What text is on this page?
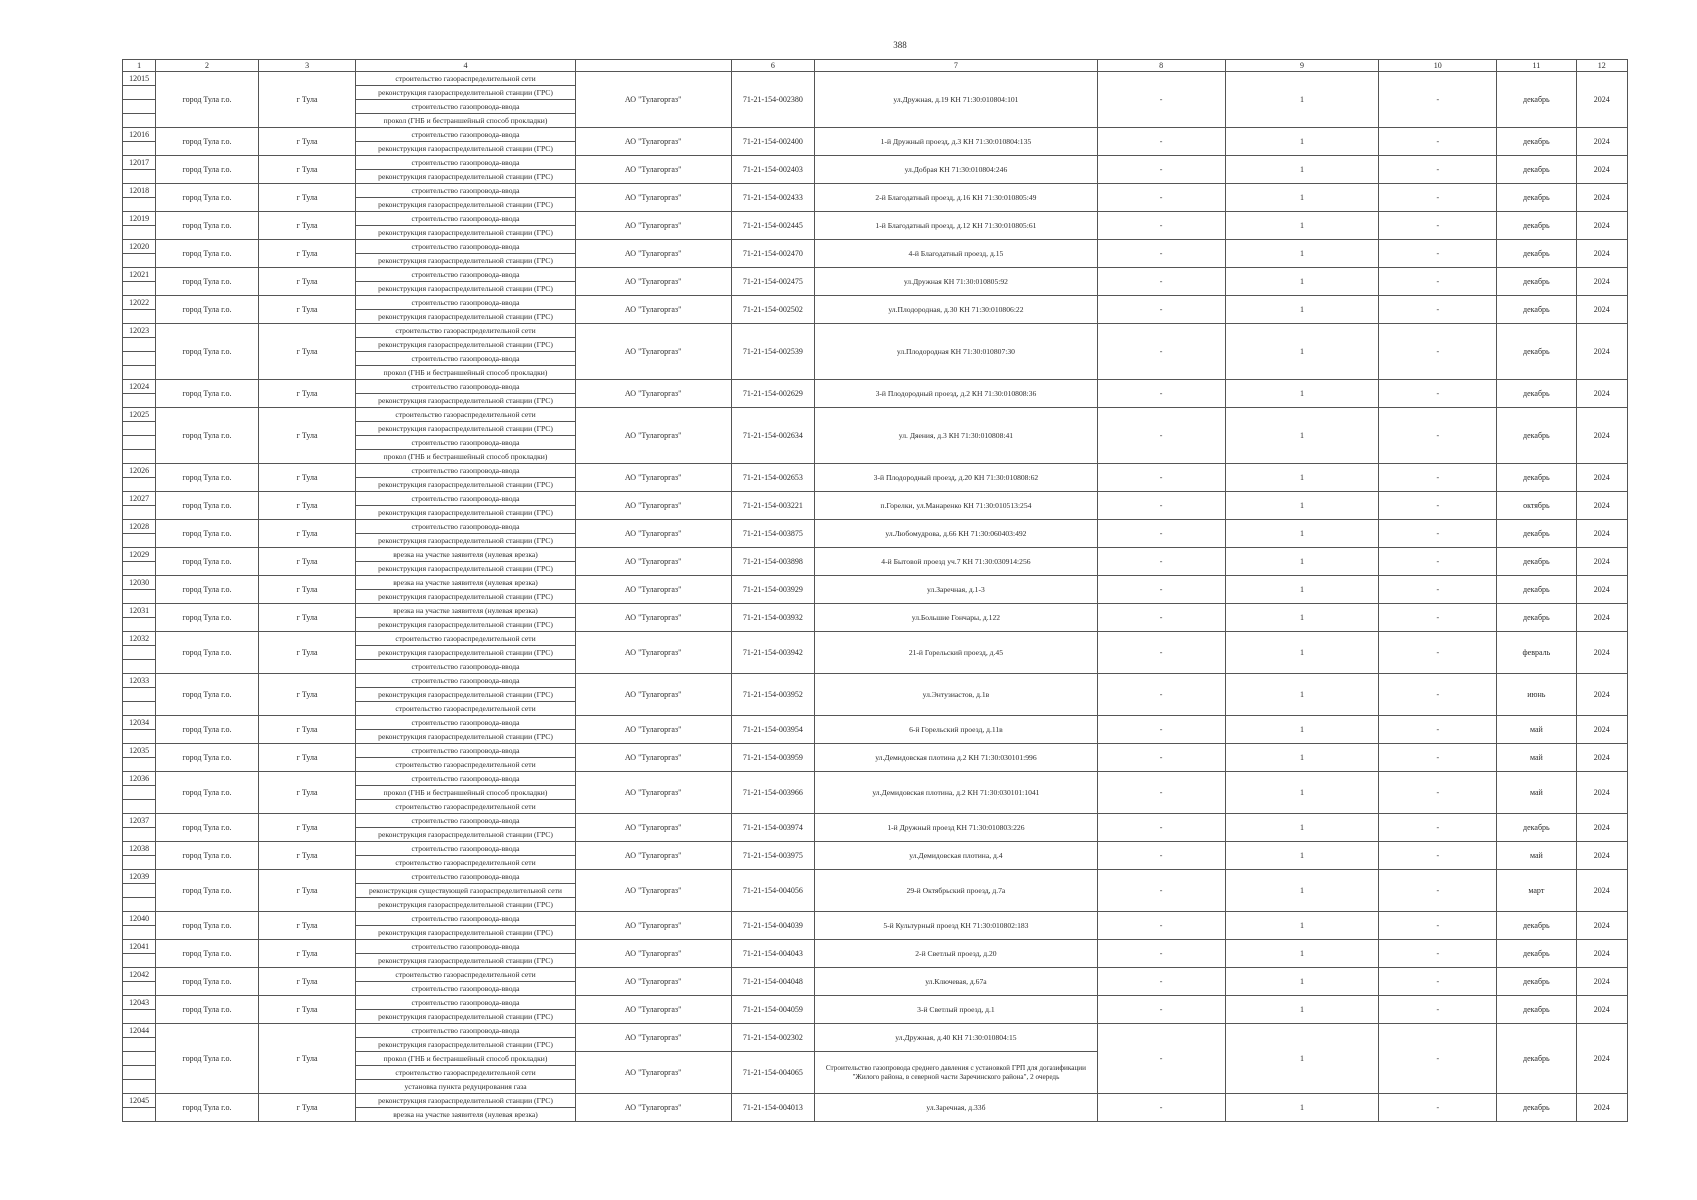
388
1	2	3	4		6	7	8	9	10	11	12

12015	город Тула г.о.	г Тула	строительство газораспределительной сети
реконструкция газораспределительной станции (ГРС)
строительство газопровода-ввода
прокол (ГНБ и бестраншейный способ прокладки)	АО "Тулагоргаз"	71-21-154-002380	ул.Дружная, д.19 КН 71:30:010804:101	-	1	-	декабрь	2024

12016	город Тула г.о.	г Тула	строительство газопровода-ввода
реконструкция газораспределительной станции (ГРС)	АО "Тулагоргаз"	71-21-154-002400	1-й Дружный проезд, д.3 КН 71:30:010804:135	-	1	-	декабрь	2024

12017	город Тула г.о.	г Тула	строительство газопровода-ввода
реконструкция газораспределительной станции (ГРС)	АО "Тулагоргаз"	71-21-154-002403	ул.Добрая КН 71:30:010804:246	-	1	-	декабрь	2024

12018	город Тула г.о.	г Тула	строительство газопровода-ввода
реконструкция газораспределительной станции (ГРС)	АО "Тулагоргаз"	71-21-154-002433	2-й Благодатный проезд, д.16 КН 71:30:010805:49	-	1	-	декабрь	2024

12019	город Тула г.о.	г Тула	строительство газопровода-ввода
реконструкция газораспределительной станции (ГРС)	АО "Тулагоргаз"	71-21-154-002445	1-й Благодатный проезд, д.12 КН 71:30:010805:61	-	1	-	декабрь	2024

12020	город Тула г.о.	г Тула	строительство газопровода-ввода
реконструкция газораспределительной станции (ГРС)	АО "Тулагоргаз"	71-21-154-002470	4-й Благодатный проезд, д.15	-	1	-	декабрь	2024

12021	город Тула г.о.	г Тула	строительство газопровода-ввода
реконструкция газораспределительной станции (ГРС)	АО "Тулагоргаз"	71-21-154-002475	ул.Дружная КН 71:30:010805:92	-	1	-	декабрь	2024

12022	город Тула г.о.	г Тула	строительство газопровода-ввода
реконструкция газораспределительной станции (ГРС)	АО "Тулагоргаз"	71-21-154-002502	ул.Плодородная, д.30 КН 71:30:010806:22	-	1	-	декабрь	2024

12023	город Тула г.о.	г Тула	строительство газораспределительной сети
реконструкция газораспределительной станции (ГРС)
строительство газопровода-ввода
прокол (ГНБ и бестраншейный способ прокладки)	АО "Тулагоргаз"	71-21-154-002539	ул.Плодородная КН 71:30:010807:30	-	1	-	декабрь	2024

12024	город Тула г.о.	г Тула	строительство газопровода-ввода
реконструкция газораспределительной станции (ГРС)	АО "Тулагоргаз"	71-21-154-002629	3-й Плодородный проезд, д.2 КН 71:30:010808:36	-	1	-	декабрь	2024

12025	город Тула г.о.	г Тула	строительство газораспределительной сети
реконструкция газораспределительной станции (ГРС)
строительство газопровода-ввода
прокол (ГНБ и бестраншейный способ прокладки)	АО "Тулагоргаз"	71-21-154-002634	ул. Дяения, д.3 КН 71:30:010808:41	-	1	-	декабрь	2024

12026	город Тула г.о.	г Тула	строительство газопровода-ввода
реконструкция газораспределительной станции (ГРС)	АО "Тулагоргаз"	71-21-154-002653	3-й Плодородный проезд, д.20 КН 71:30:010808:62	-	1	-	декабрь	2024

12027	город Тула г.о.	г Тула	строительство газопровода-ввода
реконструкция газораспределительной станции (ГРС)	АО "Тулагоргаз"	71-21-154-003221	п.Горелки, ул.Манаренко КН 71:30:010513:254	-	1	-	октябрь	2024

12028	город Тула г.о.	г Тула	строительство газопровода-ввода
реконструкция газораспределительной станции (ГРС)	АО "Тулагоргаз"	71-21-154-003875	ул.Любомудрова, д.66 КН 71:30:060403:492	-	1	-	декабрь	2024

12029	город Тула г.о.	г Тула	врезка на участке заявителя (нулевая врезка)
реконструкция газораспределительной станции (ГРС)	АО "Тулагоргаз"	71-21-154-003898	4-й Бытовой проезд уч.7 КН 71:30:030914:256	-	1	-	декабрь	2024

12030	город Тула г.о.	г Тула	врезка на участке заявителя (нулевая врезка)
реконструкция газораспределительной станции (ГРС)	АО "Тулагоргаз"	71-21-154-003929	ул.Заречная, д.1-3	-	1	-	декабрь	2024

12031	город Тула г.о.	г Тула	врезка на участке заявителя (нулевая врезка)
реконструкция газораспределительной станции (ГРС)	АО "Тулагоргаз"	71-21-154-003932	ул.Большие Гончары, д.122	-	1	-	декабрь	2024

12032	город Тула г.о.	г Тула	строительство газораспределительной сети
реконструкция газораспределительной станции (ГРС)
строительство газопровода-ввода	АО "Тулагоргаз"	71-21-154-003942	21-й Горельский проезд, д.45	-	1	-	февраль	2024

12033	город Тула г.о.	г Тула	строительство газопровода-ввода
реконструкция газораспределительной станции (ГРС)
строительство газораспределительной сети	АО "Тулагоргаз"	71-21-154-003952	ул.Энтузиастов, д.1в	-	1	-	июнь	2024

12034	город Тула г.о.	г Тула	строительство газопровода-ввода
реконструкция газораспределительной станции (ГРС)	АО "Тулагоргаз"	71-21-154-003954	6-й Горельский проезд, д.11в	-	1	-	май	2024

12035	город Тула г.о.	г Тула	строительство газопровода-ввода
строительство газораспределительной сети	АО "Тулагоргаз"	71-21-154-003959	ул.Демидовская плотина д.2 КН 71:30:030101:996	-	1	-	май	2024

12036	город Тула г.о.	г Тула	строительство газопровода-ввода
прокол (ГНБ и бестраншейный способ прокладки)
строительство газораспределительной сети	АО "Тулагоргаз"	71-21-154-003966	ул.Демидовская плотина, д.2 КН 71:30:030101:1041	-	1	-	май	2024

12037	город Тула г.о.	г Тула	строительство газопровода-ввода
реконструкция газораспределительной станции (ГРС)	АО "Тулагоргаз"	71-21-154-003974	1-й Дружный проезд КН 71:30:010803:226	-	1	-	декабрь	2024

12038	город Тула г.о.	г Тула	строительство газопровода-ввода
строительство газораспределительной сети	АО "Тулагоргаз"	71-21-154-003975	ул.Демидовская плотина, д.4	-	1	-	май	2024

12039	город Тула г.о.	г Тула	строительство газопровода-ввода
реконструкция существующей газораспределительной сети
реконструкция газораспределительной станции (ГРС)	АО "Тулагоргаз"	71-21-154-004056	29-й Октябрьский проезд, д.7а	-	1	-	март	2024

12040	город Тула г.о.	г Тула	строительство газопровода-ввода
реконструкция газораспределительной станции (ГРС)	АО "Тулагоргаз"	71-21-154-004039	5-й Культурный проезд КН 71:30:010802:183	-	1	-	декабрь	2024

12041	город Тула г.о.	г Тула	строительство газопровода-ввода
реконструкция газораспределительной станции (ГРС)	АО "Тулагоргаз"	71-21-154-004043	2-й Светлый проезд, д.20	-	1	-	декабрь	2024

12042	город Тула г.о.	г Тула	строительство газораспределительной сети
строительство газопровода-ввода	АО "Тулагоргаз"	71-21-154-004048	ул.Ключевая, д.67а	-	1	-	декабрь	2024

12043	город Тула г.о.	г Тула	строительство газопровода-ввода
реконструкция газораспределительной станции (ГРС)	АО "Тулагоргаз"	71-21-154-004059	3-й Светлый проезд, д.1	-	1	-	декабрь	2024

12044	город Тула г.о.	г Тула	строительство газопровода-ввода
реконструкция газораспределительной станции (ГРС)	АО "Тулагоргаз"	71-21-154-002302	ул.Дружная, д.40 КН 71:30:010804:15	-	1	-	декабрь	2024

			прокол (ГНБ и бестраншейный способ прокладки)
строительство газораспределительной сети
установка пункта редуцирования газа	АО "Тулагоргаз"	71-21-154-004065	Строительство газопровода среднего давления с установкой ГРП для догазификации "Жилого района, в северной части Заречинского района", 2 очередь					

12045	город Тула г.о.	г Тула	реконструкция газораспределительной станции (ГРС)
врезка на участке заявителя (нулевая врезка)	АО "Тулагоргаз"	71-21-154-004013	ул.Заречная, д.33б	-	1	-	декабрь	2024
